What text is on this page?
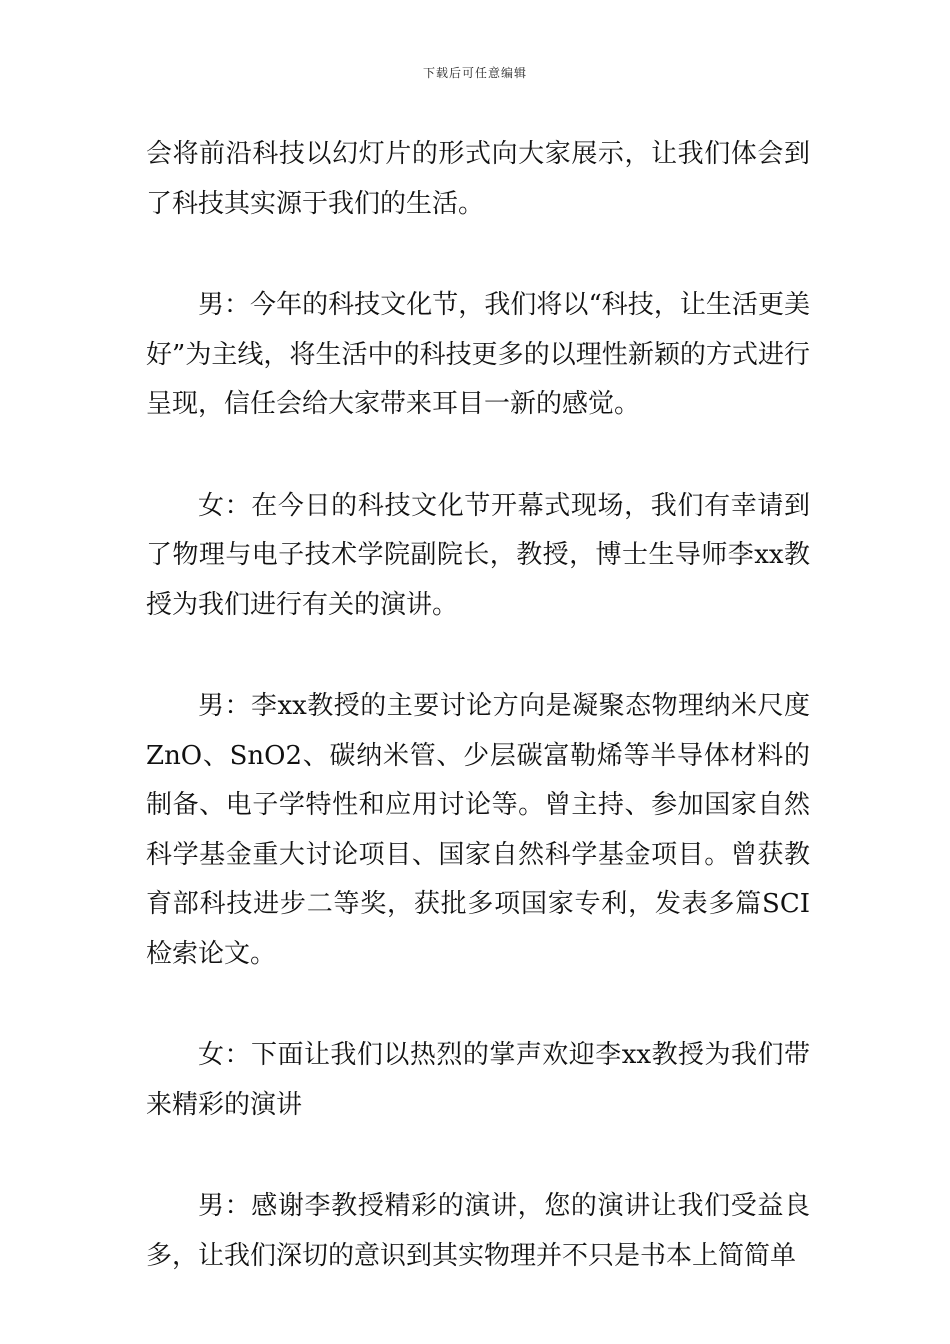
下载后可任意编辑

会将前沿科技以幻灯片的形式向大家展示，让我们体会到了科技其实源于我们的生活。

男：今年的科技文化节，我们将以“科技，让生活更美好”为主线，将生活中的科技更多的以理性新颖的方式进行呈现，信任会给大家带来耳目一新的感觉。

女：在今日的科技文化节开幕式现场，我们有幸请到了物理与电子技术学院副院长，教授，博士生导师李xx教授为我们进行有关的演讲。

男：李xx教授的主要讨论方向是凝聚态物理纳米尺度ZnO、SnO2、碳纳米管、少层碳富勒烯等半导体材料的制备、电子学特性和应用讨论等。曾主持、参加国家自然科学基金重大讨论项目、国家自然科学基金项目。曾获教育部科技进步二等奖，获批多项国家专利，发表多篇SCI检索论文。

女：下面让我们以热烈的掌声欢迎李xx教授为我们带来精彩的演讲

男：感谢李教授精彩的演讲，您的演讲让我们受益良多，让我们深切的意识到其实物理并不只是书本上简简单
